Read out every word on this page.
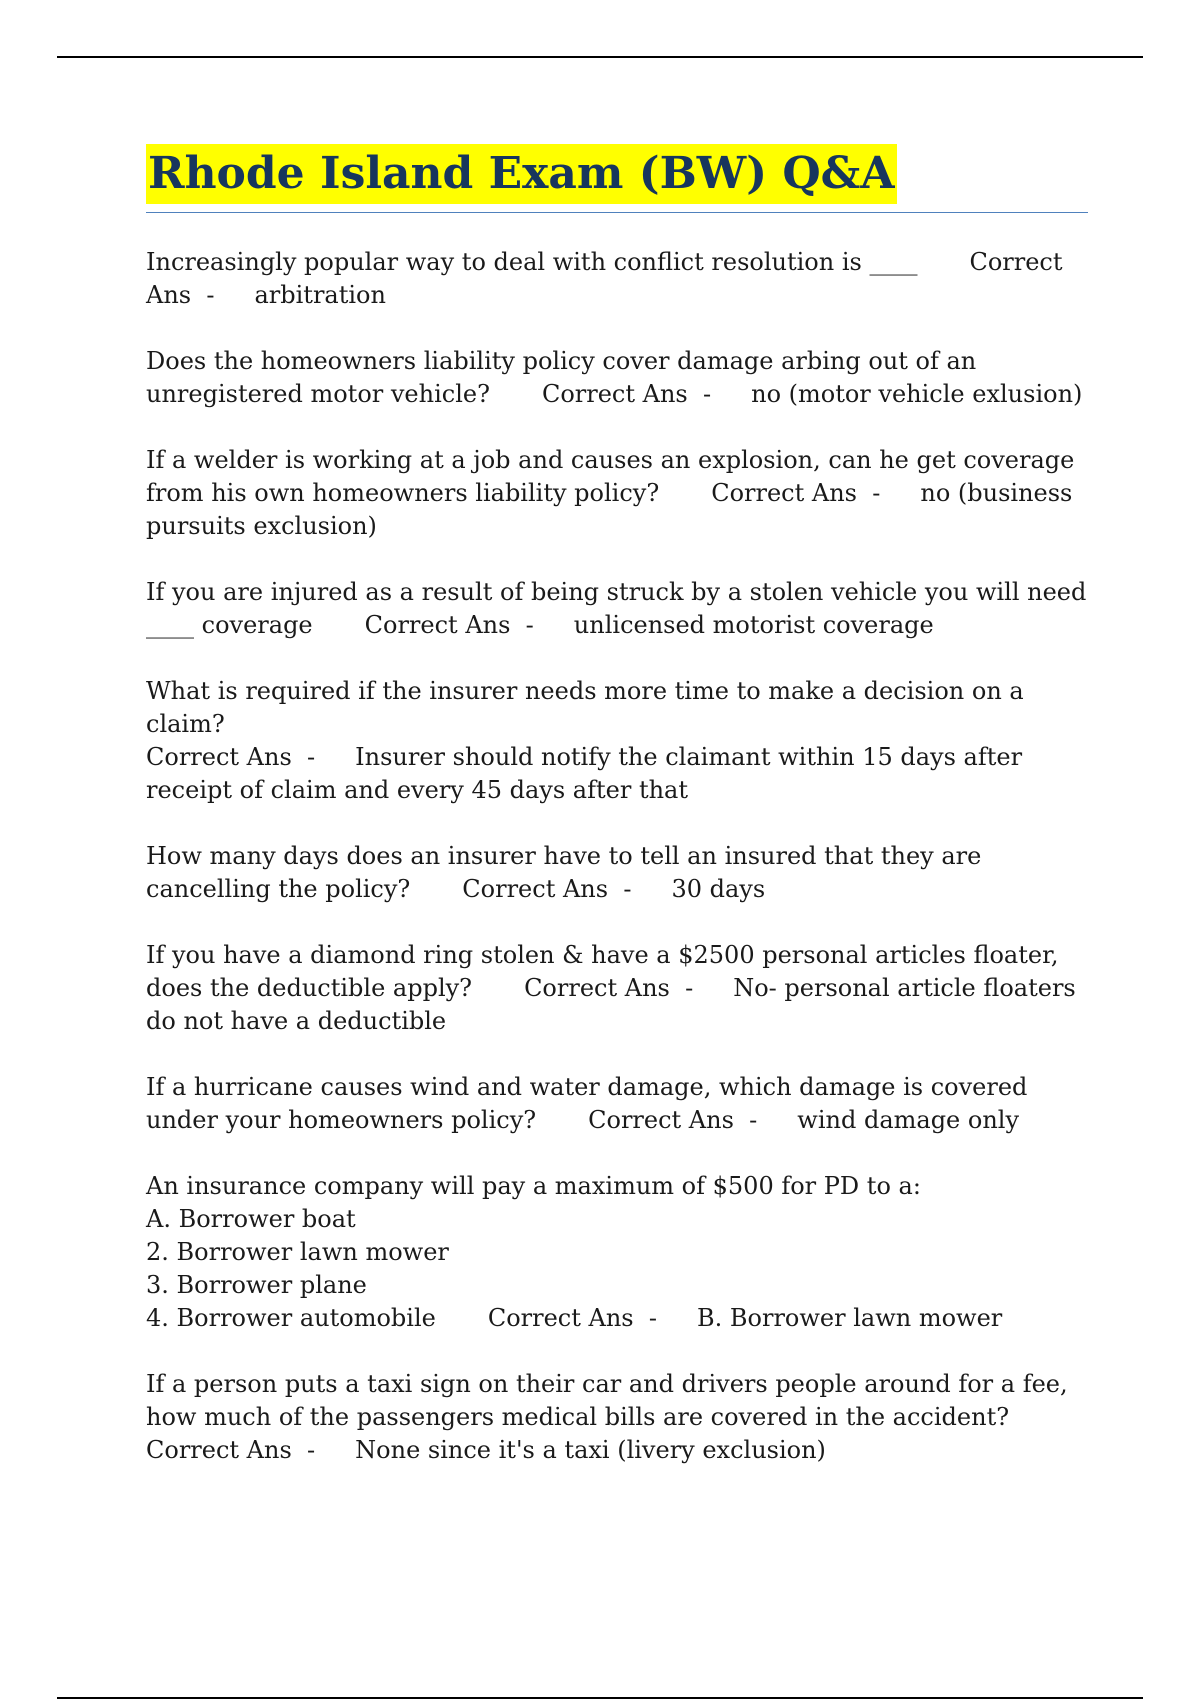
Rhode Island Exam (BW) Q&A

Increasingly popular way to deal with conflict resolution is ____ Correct Ans  - arbitration

Does the homeowners liability policy cover damage arbing out of an unregistered motor vehicle? Correct Ans  - no (motor vehicle exlusion)

If a welder is working at a job and causes an explosion, can he get coverage from his own homeowners liability policy? Correct Ans  - no (business pursuits exclusion)

If you are injured as a result of being struck by a stolen vehicle you will need ____ coverage Correct Ans  - unlicensed motorist coverage

What is required if the insurer needs more time to make a decision on a claim?
Correct Ans  - Insurer should notify the claimant within 15 days after receipt of claim and every 45 days after that

How many days does an insurer have to tell an insured that they are cancelling the policy? Correct Ans  - 30 days

If you have a diamond ring stolen & have a $2500 personal articles floater, does the deductible apply? Correct Ans  - No- personal article floaters do not have a deductible

If a hurricane causes wind and water damage, which damage is covered under your homeowners policy? Correct Ans  - wind damage only

An insurance company will pay a maximum of $500 for PD to a:
A. Borrower boat
2. Borrower lawn mower
3. Borrower plane
4. Borrower automobile Correct Ans  - B. Borrower lawn mower

If a person puts a taxi sign on their car and drivers people around for a fee, how much of the passengers medical bills are covered in the accident?
Correct Ans  - None since it's a taxi (livery exclusion)
